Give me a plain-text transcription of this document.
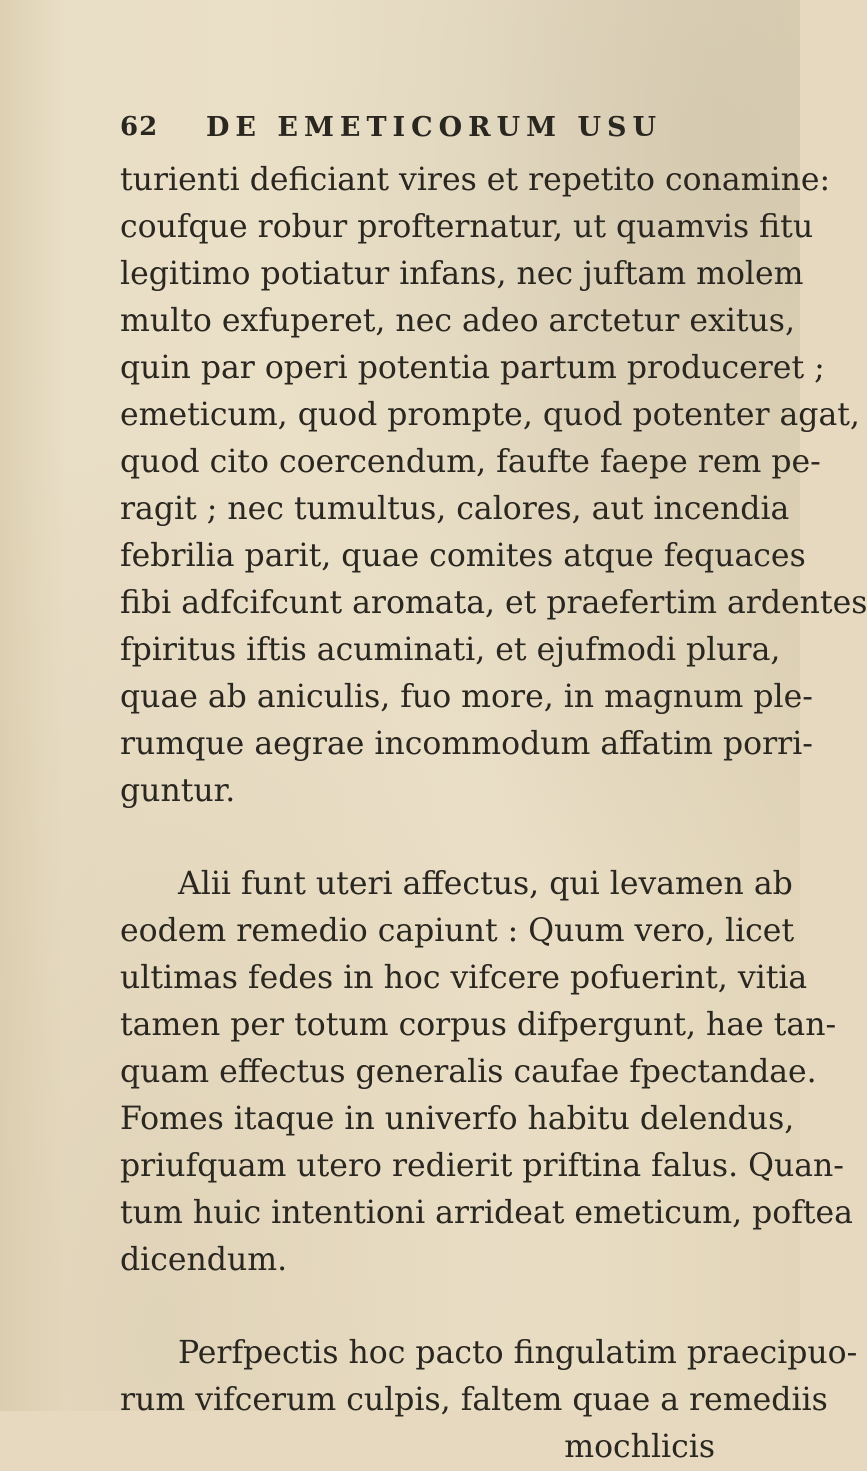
62 DE EMETICORUM USU
turienti deficiant vires et repetito conamine:
coufque robur profternatur, ut quamvis fitu
legitimo potiatur infans, nec juftam molem
multo exfuperet, nec adeo arctetur exitus,
quin par operi potentia partum produceret ;
emeticum, quod prompte, quod potenter agat,
quod cito coercendum, faufte faepe rem pe-
ragit ; nec tumultus, calores, aut incendia
febrilia parit, quae comites atque fequaces
fibi adfcifcunt aromata, et praefertim ardentes
fpiritus iftis acuminati, et ejufmodi plura,
quae ab aniculis, fuo more, in magnum ple-
rumque aegrae incommodum affatim porri-
guntur.
Alii funt uteri affectus, qui levamen ab
eodem remedio capiunt : Quum vero, licet
ultimas fedes in hoc vifcere pofuerint, vitia
tamen per totum corpus difpergunt, hae tan-
quam effectus generalis caufae fpectandae.
Fomes itaque in univerfo habitu delendus,
priufquam utero redierit priftina falus. Quan-
tum huic intentioni arrideat emeticum, poftea
dicendum.
Perfpectis hoc pacto fingulatim praecipuo-
rum vifcerum culpis, faltem quae a remediis
mochlicis
